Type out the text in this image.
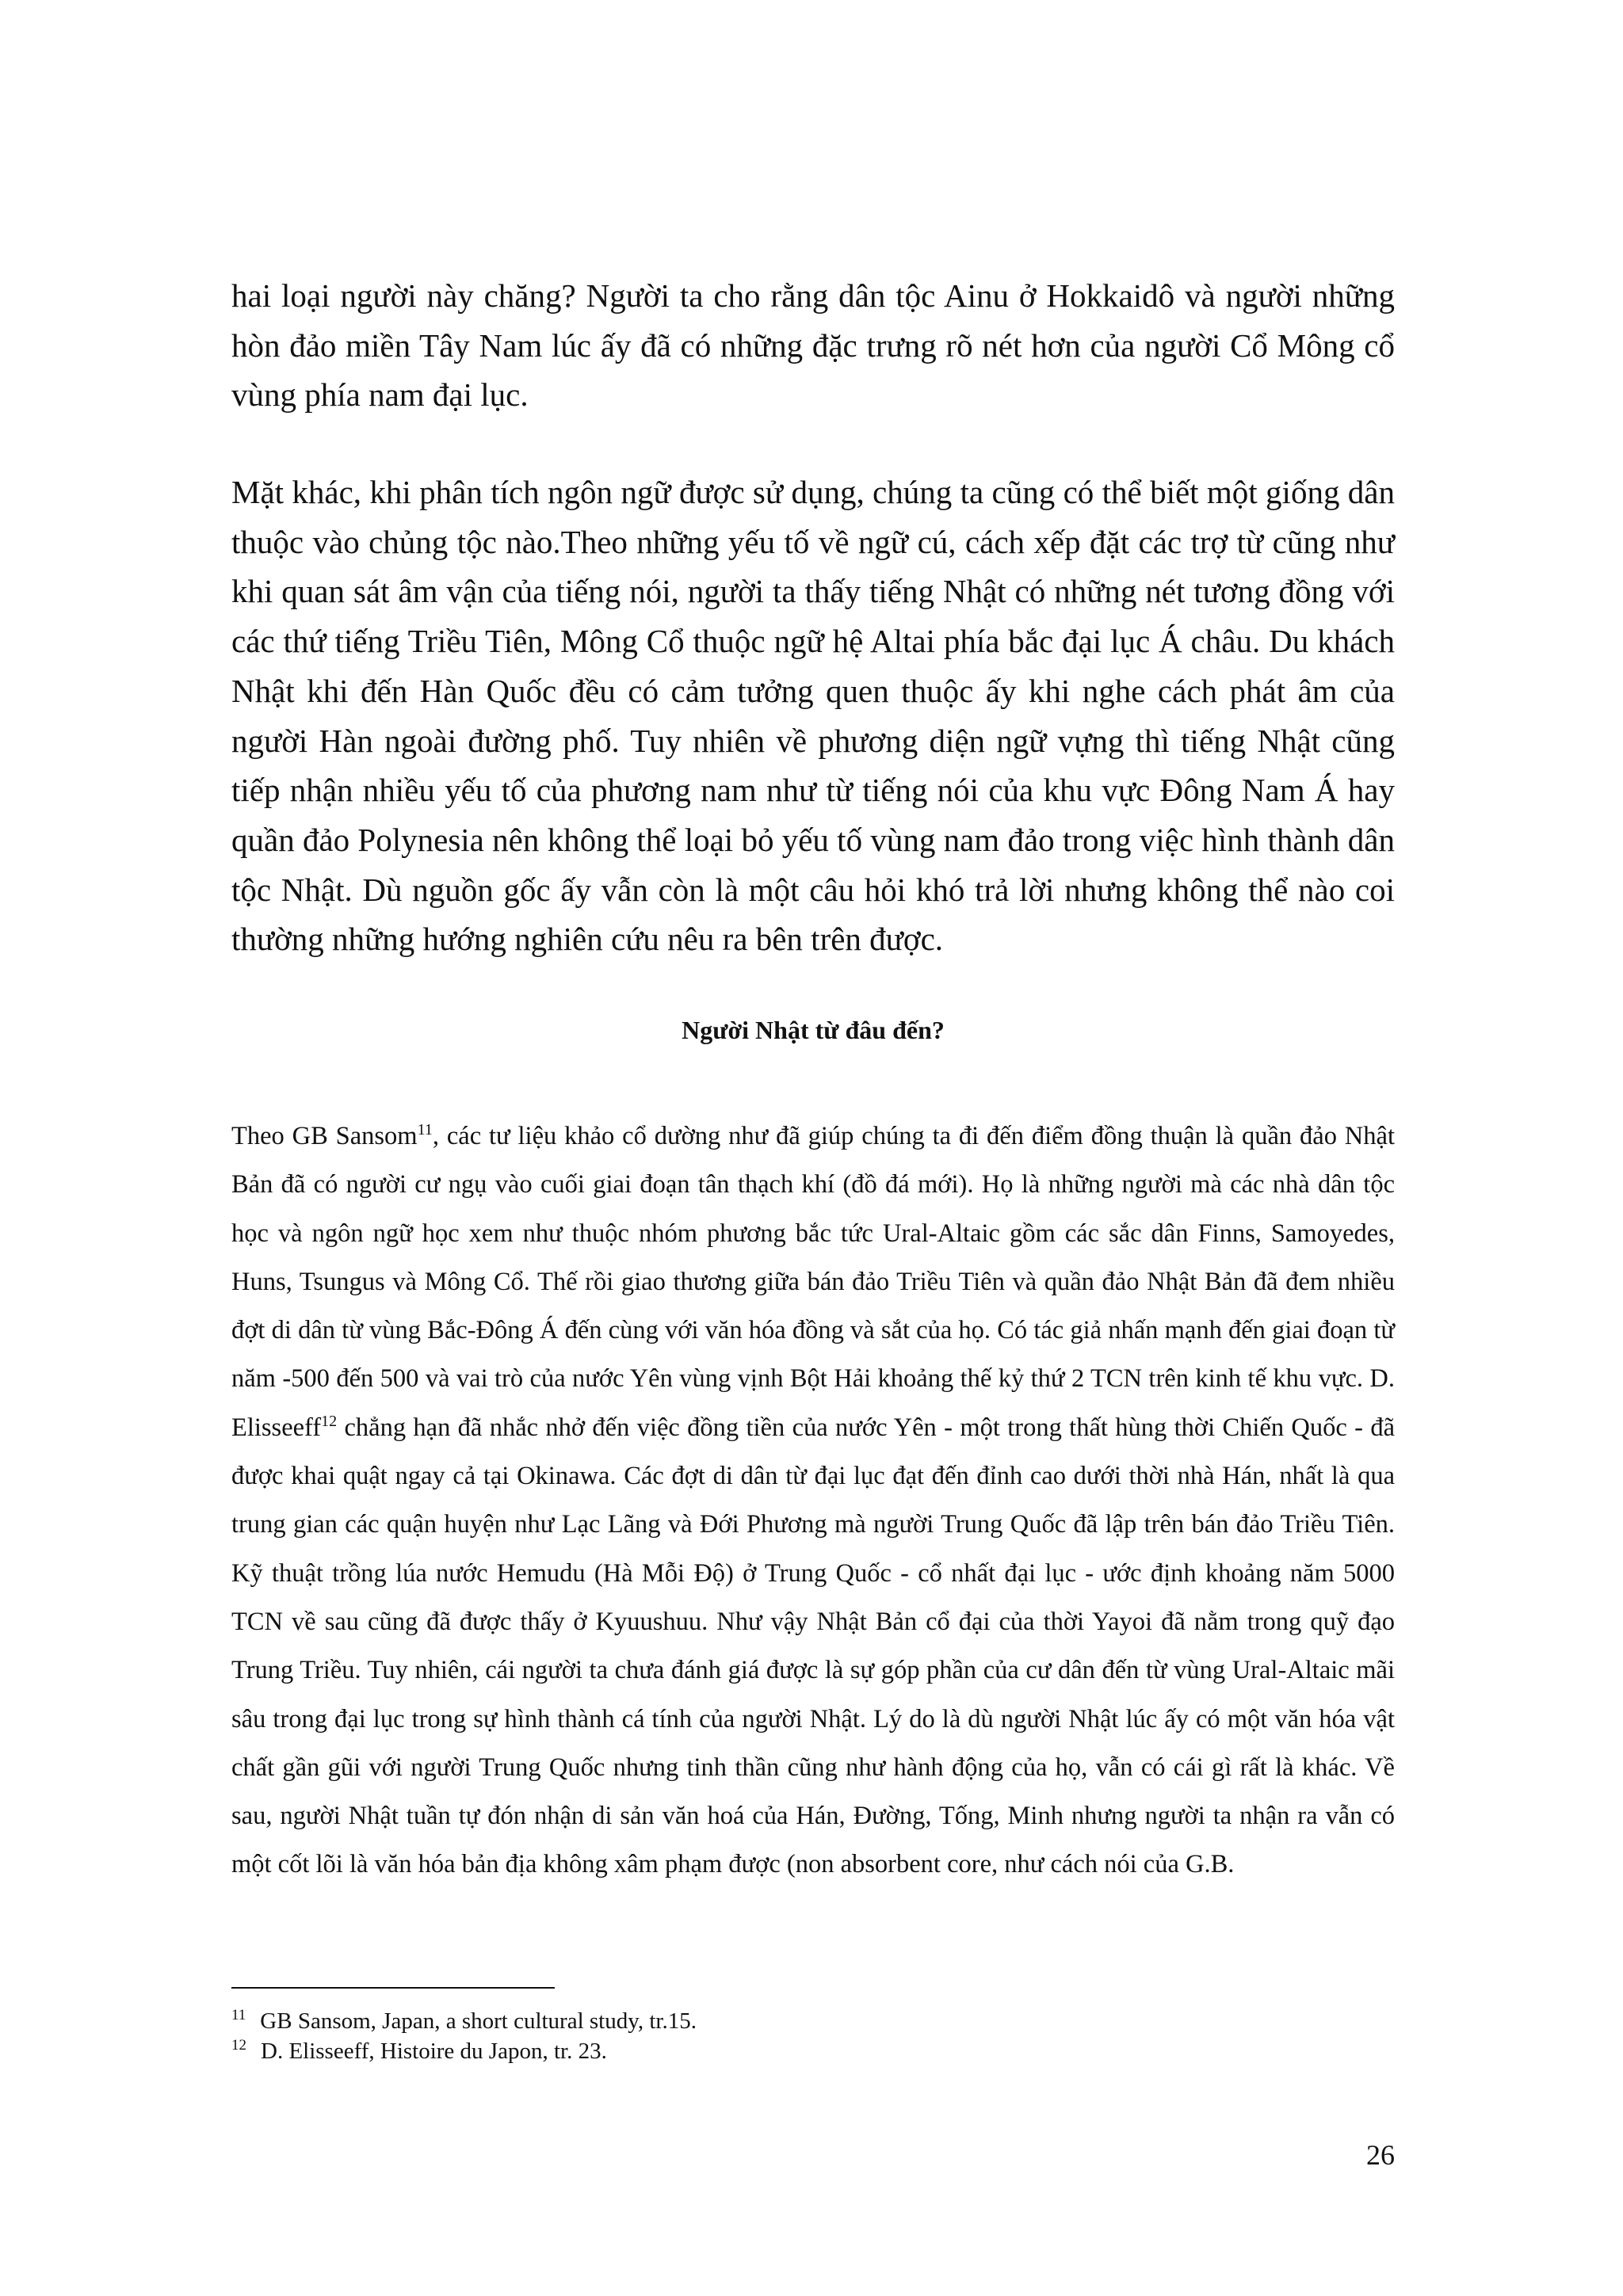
hai loại người này chăng? Người ta cho rằng dân tộc Ainu ở Hokkaidô và người những hòn đảo miền Tây Nam lúc ấy đã có những đặc trưng rõ nét hơn của người Cổ Mông cổ vùng phía nam đại lục.

Mặt khác, khi phân tích ngôn ngữ được sử dụng, chúng ta cũng có thể biết một giống dân thuộc vào chủng tộc nào.Theo những yếu tố về ngữ cú, cách xếp đặt các trợ từ cũng như khi quan sát âm vận của tiếng nói, người ta thấy tiếng Nhật có những nét tương đồng với các thứ tiếng Triều Tiên, Mông Cổ thuộc ngữ hệ Altai phía bắc đại lục Á châu. Du khách Nhật khi đến Hàn Quốc đều có cảm tưởng quen thuộc ấy khi nghe cách phát âm của người Hàn ngoài đường phố. Tuy nhiên về phương diện ngữ vựng thì tiếng Nhật cũng tiếp nhận nhiều yếu tố của phương nam như từ tiếng nói của khu vực Đông Nam Á hay quần đảo Polynesia nên không thể loại bỏ yếu tố vùng nam đảo trong việc hình thành dân tộc Nhật. Dù nguồn gốc ấy vẫn còn là một câu hỏi khó trả lời nhưng không thể nào coi thường những hướng nghiên cứu nêu ra bên trên được.

Người Nhật từ đâu đến?

Theo GB Sansom$^{11}$, các tư liệu khảo cổ dường như đã giúp chúng ta đi đến điểm đồng thuận là quần đảo Nhật Bản đã có người cư ngụ vào cuối giai đoạn tân thạch khí (đồ đá mới). Họ là những người mà các nhà dân tộc học và ngôn ngữ học xem như thuộc nhóm phương bắc tức Ural-Altaic gồm các sắc dân Finns, Samoyedes, Huns, Tsungus và Mông Cổ. Thế rồi giao thương giữa bán đảo Triều Tiên và quần đảo Nhật Bản đã đem nhiều đợt di dân từ vùng Bắc-Đông Á đến cùng với văn hóa đồng và sắt của họ. Có tác giả nhấn mạnh đến giai đoạn từ năm -500 đến 500 và vai trò của nước Yên vùng vịnh Bột Hải khoảng thế kỷ thứ 2 TCN trên kinh tế khu vực. D. Elisseeff$^{12}$ chẳng hạn đã nhắc nhở đến việc đồng tiền của nước Yên - một trong thất hùng thời Chiến Quốc - đã được khai quật ngay cả tại Okinawa. Các đợt di dân từ đại lục đạt đến đỉnh cao dưới thời nhà Hán, nhất là qua trung gian các quận huyện như Lạc Lãng và Đới Phương mà người Trung Quốc đã lập trên bán đảo Triều Tiên. Kỹ thuật trồng lúa nước Hemudu (Hà Mỗi Độ) ở Trung Quốc - cổ nhất đại lục - ước định khoảng năm 5000 TCN về sau cũng đã được thấy ở Kyuushuu. Như vậy Nhật Bản cổ đại của thời Yayoi đã nằm trong quỹ đạo Trung Triều. Tuy nhiên, cái người ta chưa đánh giá được là sự góp phần của cư dân đến từ vùng Ural-Altaic mãi sâu trong đại lục trong sự hình thành cá tính của người Nhật. Lý do là dù người Nhật lúc ấy có một văn hóa vật chất gần gũi với người Trung Quốc nhưng tinh thần cũng như hành động của họ, vẫn có cái gì rất là khác. Về sau, người Nhật tuần tự đón nhận di sản văn hoá của Hán, Đường, Tống, Minh nhưng người ta nhận ra vẫn có một cốt lõi là văn hóa bản địa không xâm phạm được (non absorbent core, như cách nói của G.B.

$^{11}$ GB Sansom, Japan, a short cultural study, tr.15.

$^{12}$ D. Elisseeff, Histoire du Japon, tr. 23.

26
